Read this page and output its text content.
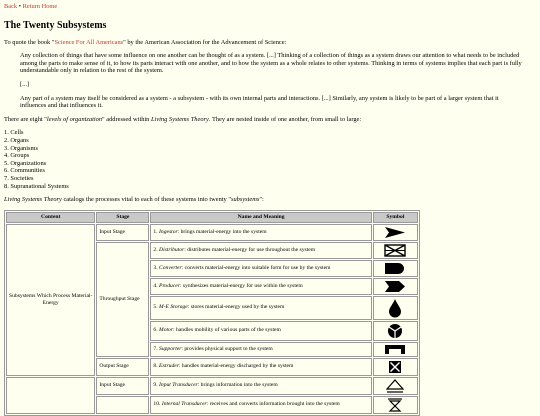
Back • Return Home
The Twenty Subsystems

To quote the book "Science For All Americans" by the American Association for the Advancement of Science:

Any collection of things that have some influence on one another can be thought of as a system. [...] Thinking of a collection of things as a system draws our attention to what needs to be included among the parts to make sense of it, to how its parts interact with one another, and to how the system as a whole relates to other systems. Thinking in terms of systems implies that each part is fully understandable only in relation to the rest of the system.

[...]

Any part of a system may itself be considered as a system - a subsystem - with its own internal parts and interactions. [...] Similarly, any system is likely to be part of a larger system that it influences and that influences it.

There are eight "levels of organization" addressed within Living Systems Theory. They are nested inside of one another, from small to large:

1. Cells
2. Organs
3. Organisms
4. Groups
5. Organizations
6. Communities
7. Societies
8. Supranational Systems

Living Systems Theory catalogs the processes vital to each of these systems into twenty "subsystems":

Content	Stage	Name and Meaning	Symbol
Subsystems Which Process Material-Energy	Input Stage	1. Ingestor: brings material-energy into the system	

	Throughput Stage	2. Distributor: distributes material-energy for use throughout the system	

		3. Converter: converts material-energy into suitable form for use by the system	

		4. Producer: synthesizes material-energy for use within the system	

		5. M-E Storage: stores material-energy used by the system	

		6. Motor: handles mobility of various parts of the system	

		7. Supporter: provides physical support to the system	

	Output Stage	8. Extruder: handles material-energy discharged by the system	

	Input Stage	9. Input Transducer: brings information into the system	

		10. Internal Transducer: receives and converts information brought into the system	
